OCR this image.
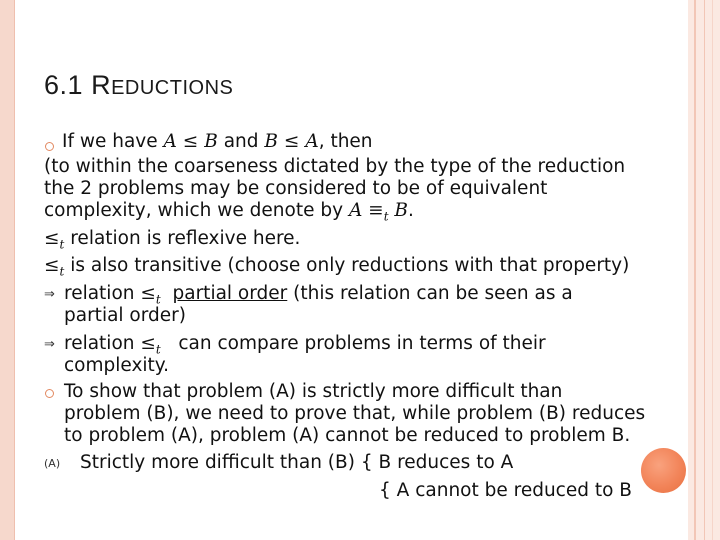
6.1 REDUCTIONS
If we have A ≤ B and B ≤ A, then
(to within the coarseness dictated by the type of the reduction
the 2 problems may be considered to be of equivalent
complexity, which we denote by $A \equiv_t$ B.
$\le_t$ relation is reflexive here.
$\le_t$ is also transitive (choose only reductions with that property)
⇒ relation $\le_t$ partial order (this relation can be seen as a
partial order)
⇒ relation $\le_t$ can compare problems in terms of their
complexity.
To show that problem (A) is strictly more difficult than
problem (B), we need to prove that, while problem (B) reduces
to problem (A), problem (A) cannot be reduced to problem B.
(A) Strictly more difficult than (B) { B reduces to A
{ A cannot be reduced to B
